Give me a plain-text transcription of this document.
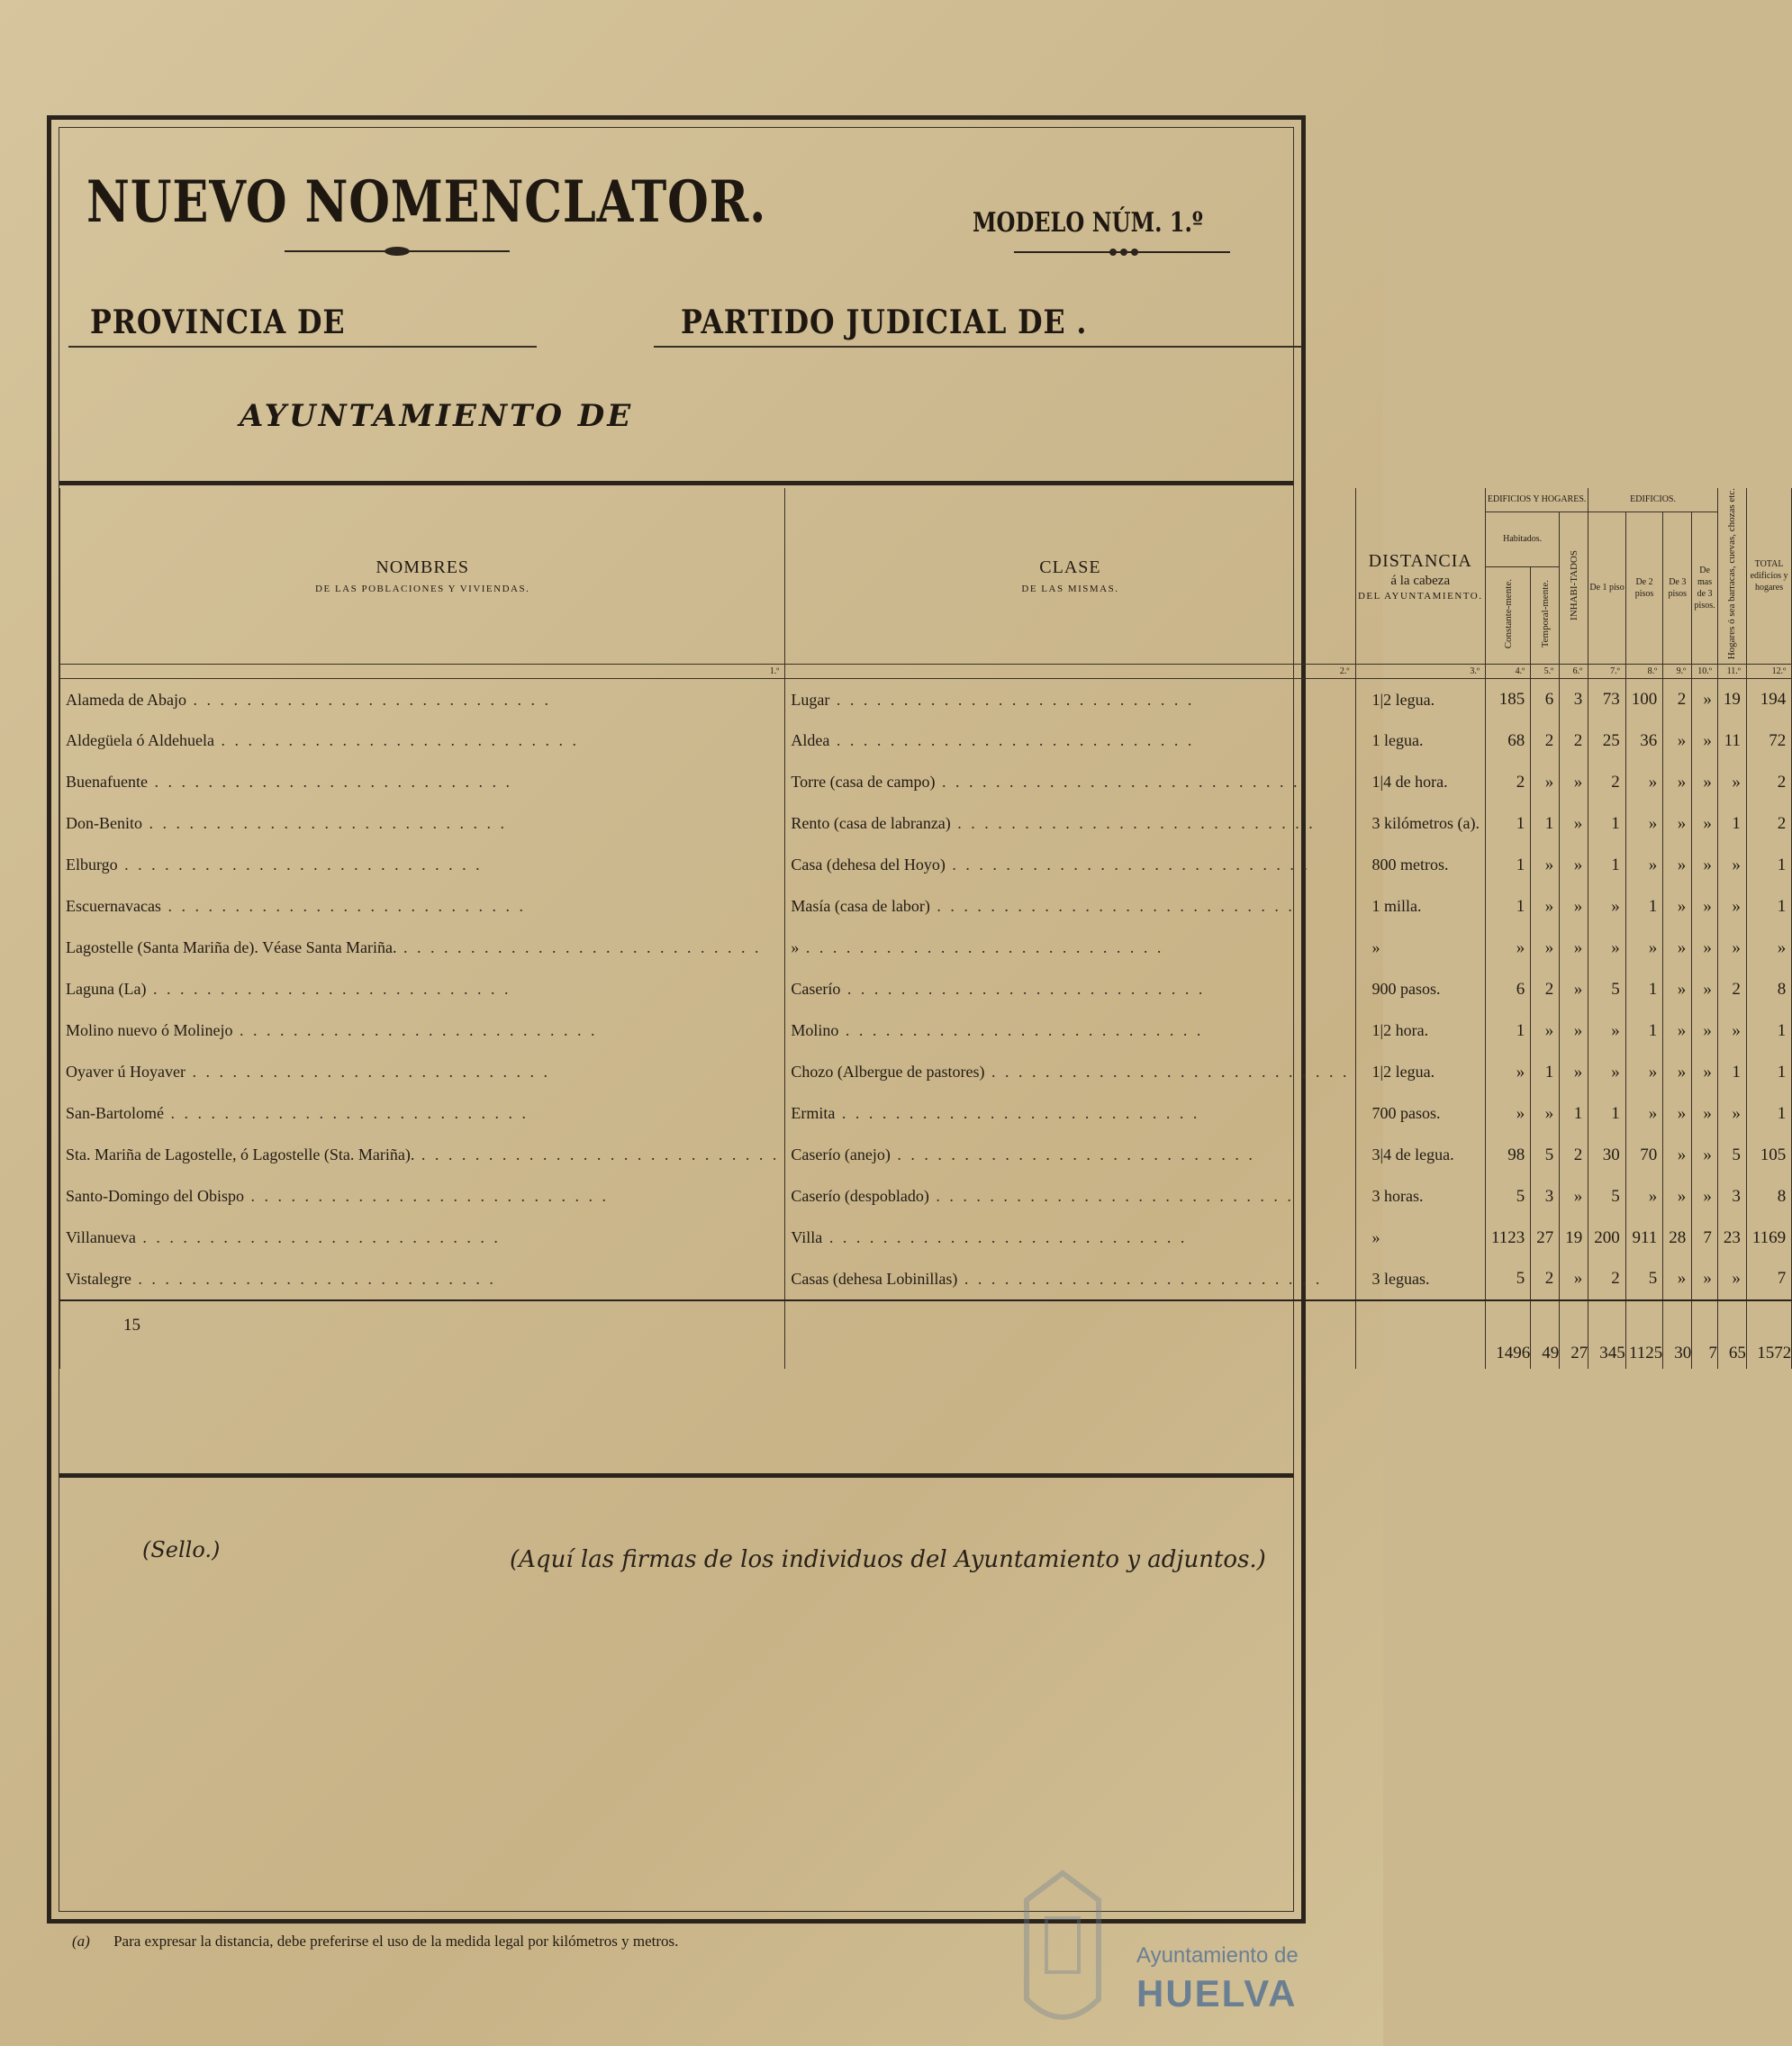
NUEVO NOMENCLATOR.	MODELO NÚM. 1.º
PROVINCIA DE	PARTIDO JUDICIAL DE .
AYUNTAMIENTO DE
NOMBRES
DE LAS POBLACIONES Y VIVIENDAS.	CLASE
DE LAS MISMAS.	DISTANCIA
á la cabeza
DEL AYUNTAMIENTO.	EDIFICIOS Y HOGARES.			EDIFICIOS.				Hogares ó sea barracas, cuevas, chozas etc.	TOTAL edificios y hogares
			Habitados.		INHABI-TADOS	De 1 piso	De 2 pisos	De 3 pisos	De mas de 3 pisos.		
			Constante-mente.	Temporal-mente.							
1.º	2.º	3.º	4.º	5.º	6.º	7.º	8.º	9.º	10.º	11.º	12.º
Alameda de Abajo . . . . . . . . . . . . . . . . . . . . . . . . . . .	Lugar . . . . . . . . . . . . . . . . . . . . . . . . . . .	1|2 legua.	185	6	3	73	100	2	»	19	194
Aldegüela ó Aldehuela . . . . . . . . . . . . . . . . . . . . . . . . . . .	Aldea . . . . . . . . . . . . . . . . . . . . . . . . . . .	1 legua.	68	2	2	25	36	»	»	11	72
Buenafuente . . . . . . . . . . . . . . . . . . . . . . . . . . .	Torre (casa de campo) . . . . . . . . . . . . . . . . . . . . . . . . . . .	1|4 de hora.	2	»	»	2	»	»	»	»	2
Don-Benito . . . . . . . . . . . . . . . . . . . . . . . . . . .	Rento (casa de labranza) . . . . . . . . . . . . . . . . . . . . . . . . . . .	3 kilómetros (a).	1	1	»	1	»	»	»	1	2
Elburgo . . . . . . . . . . . . . . . . . . . . . . . . . . .	Casa (dehesa del Hoyo) . . . . . . . . . . . . . . . . . . . . . . . . . . .	800 metros.	1	»	»	1	»	»	»	»	1
Escuernavacas . . . . . . . . . . . . . . . . . . . . . . . . . . .	Masía (casa de labor) . . . . . . . . . . . . . . . . . . . . . . . . . . .	1 milla.	1	»	»	»	1	»	»	»	1
Lagostelle (Santa Mariña de). Véase Santa Mariña. . . . . . . . . . . . . . . . . . . . . . . . . . . .	» . . . . . . . . . . . . . . . . . . . . . . . . . . .	»	»	»	»	»	»	»	»	»	»
Laguna (La) . . . . . . . . . . . . . . . . . . . . . . . . . . .	Caserío . . . . . . . . . . . . . . . . . . . . . . . . . . .	900 pasos.	6	2	»	5	1	»	»	2	8
Molino nuevo ó Molinejo . . . . . . . . . . . . . . . . . . . . . . . . . . .	Molino . . . . . . . . . . . . . . . . . . . . . . . . . . .	1|2 hora.	1	»	»	»	1	»	»	»	1
Oyaver ú Hoyaver . . . . . . . . . . . . . . . . . . . . . . . . . . .	Chozo (Albergue de pastores) . . . . . . . . . . . . . . . . . . . . . . . . . . .	1|2 legua.	»	1	»	»	»	»	»	1	1
San-Bartolomé . . . . . . . . . . . . . . . . . . . . . . . . . . .	Ermita . . . . . . . . . . . . . . . . . . . . . . . . . . .	700 pasos.	»	»	1	1	»	»	»	»	1
Sta. Mariña de Lagostelle, ó Lagostelle (Sta. Mariña). . . . . . . . . . . . . . . . . . . . . . . . . . . .	Caserío (anejo) . . . . . . . . . . . . . . . . . . . . . . . . . . .	3|4 de legua.	98	5	2	30	70	»	»	5	105
Santo-Domingo del Obispo . . . . . . . . . . . . . . . . . . . . . . . . . . .	Caserío (despoblado) . . . . . . . . . . . . . . . . . . . . . . . . . . .	3 horas.	5	3	»	5	»	»	»	3	8
Villanueva . . . . . . . . . . . . . . . . . . . . . . . . . . .	Villa . . . . . . . . . . . . . . . . . . . . . . . . . . .	»	1123	27	19	200	911	28	7	23	1169
Vistalegre . . . . . . . . . . . . . . . . . . . . . . . . . . .	Casas (dehesa Lobinillas) . . . . . . . . . . . . . . . . . . . . . . . . . . .	3 leguas.	5	2	»	2	5	»	»	»	7
15			1496	49	27	345	1125	30	7	65	1572
(Sello.)	(Aquí las firmas de los individuos del Ayuntamiento y adjuntos.)
(a) Para expresar la distancia, debe preferirse el uso de la medida legal por kilómetros y metros.
Ayuntamiento de
HUELVA
